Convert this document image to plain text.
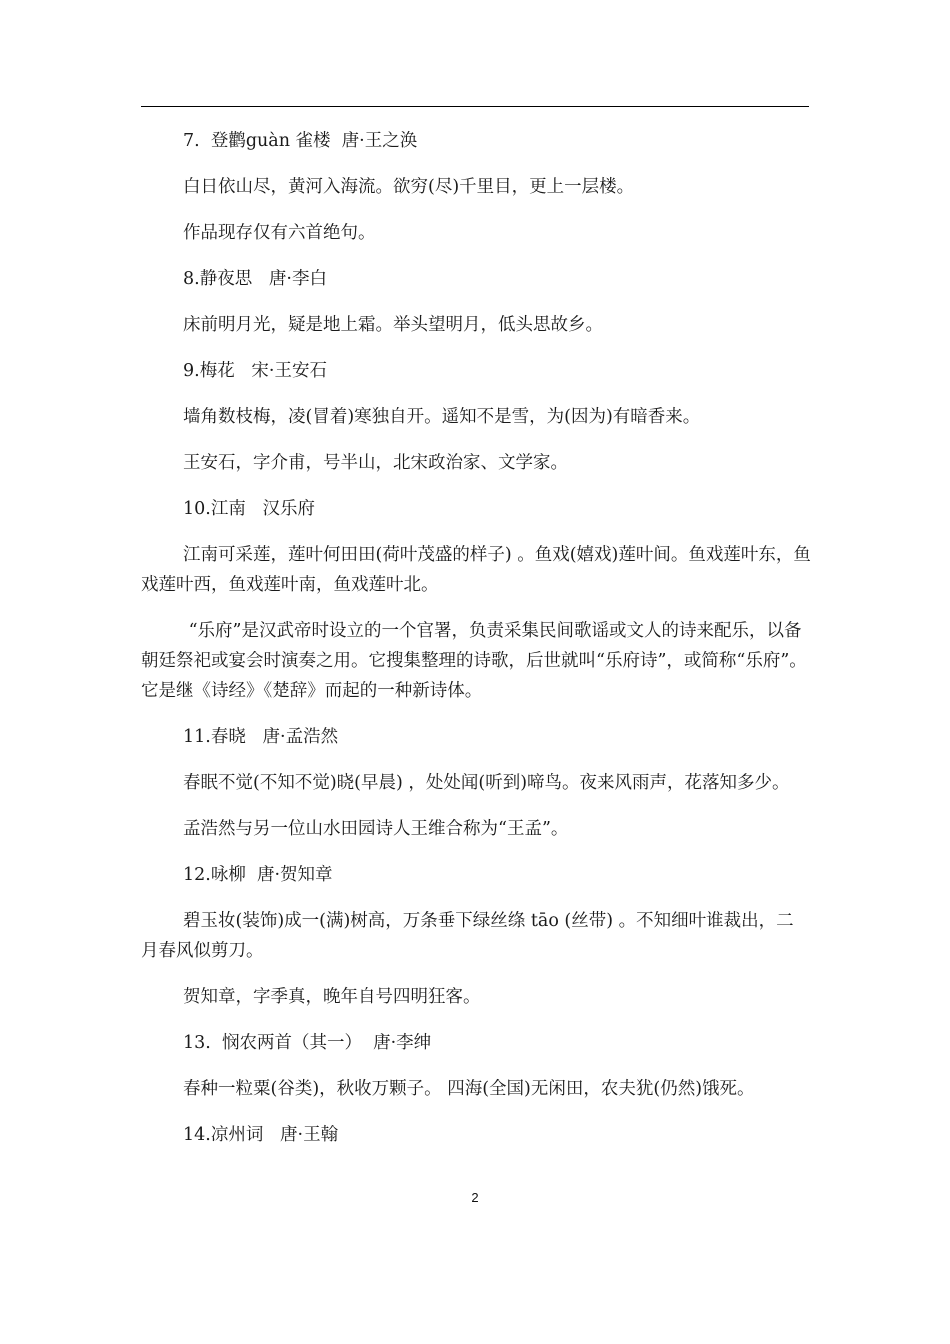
7.  登鹳guàn 雀楼  唐·王之涣

白日依山尽，黄河入海流。欲穷(尽)千里目，更上一层楼。

作品现存仅有六首绝句。

8.静夜思   唐·李白

床前明月光，疑是地上霜。举头望明月，低头思故乡。

9.梅花   宋·王安石

墙角数枝梅，凌(冒着)寒独自开。遥知不是雪，为(因为)有暗香来。

王安石，字介甫，号半山，北宋政治家、文学家。

10.江南   汉乐府

江南可采莲，莲叶何田田(荷叶茂盛的样子) 。鱼戏(嬉戏)莲叶间。鱼戏莲叶东，鱼戏莲叶西，鱼戏莲叶南，鱼戏莲叶北。

“乐府”是汉武帝时设立的一个官署，负责采集民间歌谣或文人的诗来配乐，以备朝廷祭祀或宴会时演奏之用。它搜集整理的诗歌，后世就叫“乐府诗”，或简称“乐府”。它是继《诗经》《楚辞》而起的一种新诗体。

11.春晓   唐·孟浩然

春眠不觉(不知不觉)晓(早晨) ，处处闻(听到)啼鸟。夜来风雨声，花落知多少。

孟浩然与另一位山水田园诗人王维合称为“王孟”。

12.咏柳  唐·贺知章

碧玉妆(装饰)成一(满)树高，万条垂下绿丝绦 tāo (丝带) 。不知细叶谁裁出，二月春风似剪刀。

贺知章，字季真，晚年自号四明狂客。

13.  悯农两首（其一）  唐·李绅

春种一粒粟(谷类)，秋收万颗子。 四海(全国)无闲田，农夫犹(仍然)饿死。

14.凉州词   唐·王翰

2
